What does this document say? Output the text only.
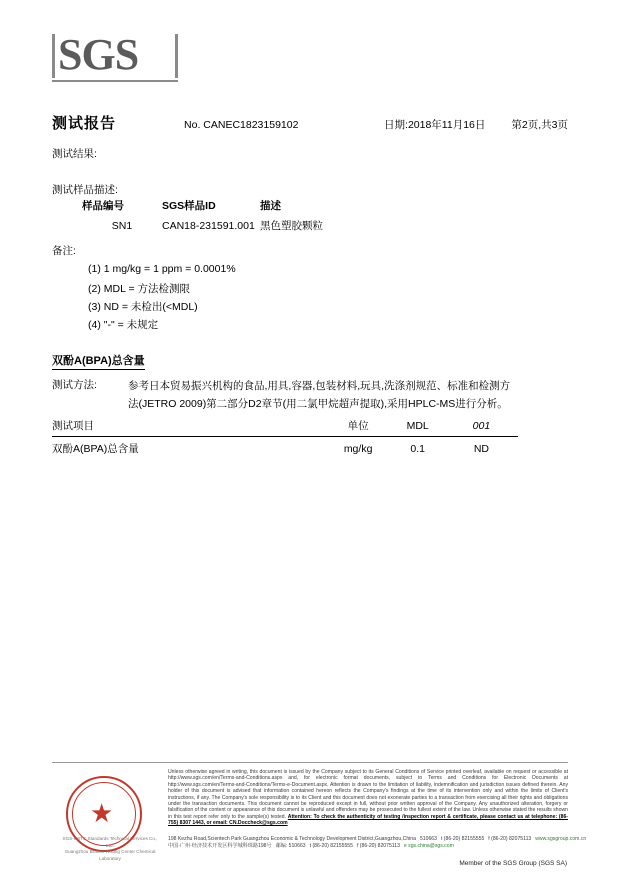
SGS
测试报告	No. CANEC1823159102	日期:2018年11月16日 第2页,共3页
测试结果:
测试样品描述:
样品编号	SGS样品ID	描述
SN1	CAN18-231591.001	黑色塑胶颗粒
备注:
(1) 1 mg/kg = 1 ppm = 0.0001%
(2) MDL = 方法检测限
(3) ND = 未检出(<MDL)
(4) "-" = 未规定
双酚A(BPA)总含量
测试方法:	参考日本贸易振兴机构的食品,用具,容器,包装材料,玩具,洗涤剂规范、标准和检测方
法(JETRO 2009)第二部分D2章节(用二氯甲烷超声提取),采用HPLC-MS进行分析。
测试项目	单位	MDL	001
双酚A(BPA)总含量	mg/kg	0.1	ND
★
SGS-CSTC Standards Technical Services Co., Ltd.
Guangzhou Branch Testing Center Chemical Laboratory
Unless otherwise agreed in writing, this document is issued by the Company subject to its General Conditions of Service printed overleaf, available on request or accessible at http://www.sgs.com/en/Terms-and-Conditions.aspx and, for electronic format documents, subject to Terms and Conditions for Electronic Documents at http://www.sgs.com/en/Terms-and-Conditions/Terms-e-Document.aspx. Attention is drawn to the limitation of liability, indemnification and jurisdiction issues defined therein. Any holder of this document is advised that information contained hereon reflects the Company's findings at the time of its intervention only and within the limits of Client's instructions, if any. The Company's sole responsibility is to its Client and this document does not exonerate parties to a transaction from exercising all their rights and obligations under the transaction documents. This document cannot be reproduced except in full, without prior written approval of the Company. Any unauthorized alteration, forgery or falsification of the content or appearance of this document is unlawful and offenders may be prosecuted to the fullest extent of the law. Unless otherwise stated the results shown in this test report refer only to the sample(s) tested. Attention: To check the authenticity of testing /inspection report & certificate, please contact us at telephone: (86-755) 8307 1443, or email: CN.Doccheck@sgs.com
198 Kezhu Road,Scientech Park Guangzhou Economic & Technology Development District,Guangzhou,China 510663 t (86-20) 82155555 f (86-20) 82075113 www.sgsgroup.com.cn
中国·广州·经济技术开发区科学城科珠路198号 邮编: 510663 t (86-20) 82155555 f (86-20) 82075113 e sgs.china@sgs.com
Member of the SGS Group (SGS SA)
